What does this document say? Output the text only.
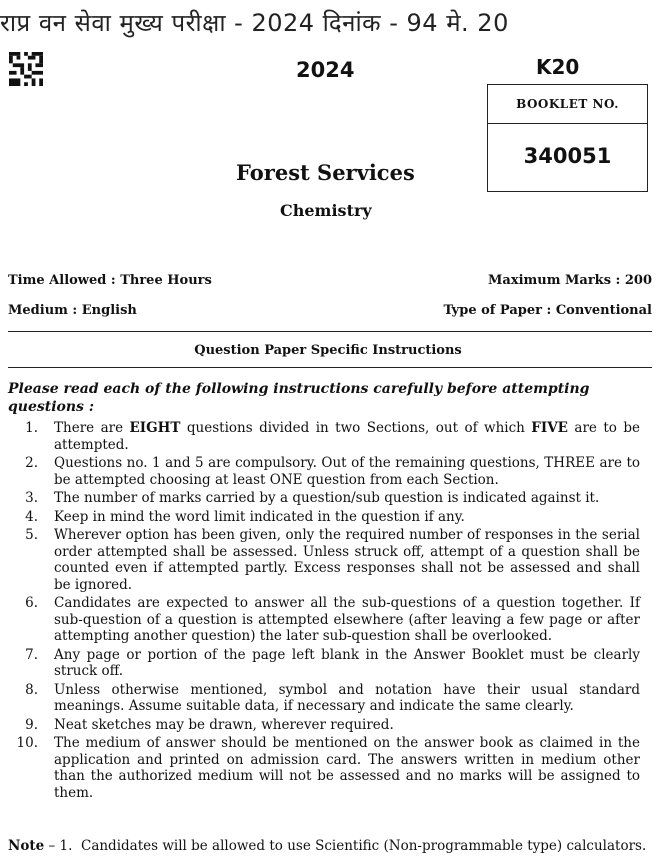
राप्र वन सेवा मुख्य परीक्षा - 2024 दिनांक - 94 मे. 20
2024	K20
BOOKLET NO.
340051
Forest Services
Chemistry
Time Allowed : Three Hours	Maximum Marks : 200
Medium : English	Type of Paper : Conventional
Question Paper Specific Instructions
Please read each of the following instructions carefully before attempting questions :
1. There are EIGHT questions divided in two Sections, out of which FIVE are to be attempted.
2. Questions no. 1 and 5 are compulsory. Out of the remaining questions, THREE are to be attempted choosing at least ONE question from each Section.
3. The number of marks carried by a question/sub question is indicated against it.
4. Keep in mind the word limit indicated in the question if any.
5. Wherever option has been given, only the required number of responses in the serial order attempted shall be assessed. Unless struck off, attempt of a question shall be counted even if attempted partly. Excess responses shall not be assessed and shall be ignored.
6. Candidates are expected to answer all the sub-questions of a question together. If sub-question of a question is attempted elsewhere (after leaving a few page or after attempting another question) the later sub-question shall be overlooked.
7. Any page or portion of the page left blank in the Answer Booklet must be clearly struck off.
8. Unless otherwise mentioned, symbol and notation have their usual standard meanings. Assume suitable data, if necessary and indicate the same clearly.
9. Neat sketches may be drawn, wherever required.
10. The medium of answer should be mentioned on the answer book as claimed in the application and printed on admission card. The answers written in medium other than the authorized medium will not be assessed and no marks will be assigned to them.
Note – 1. Candidates will be allowed to use Scientific (Non-programmable type) calculators.
